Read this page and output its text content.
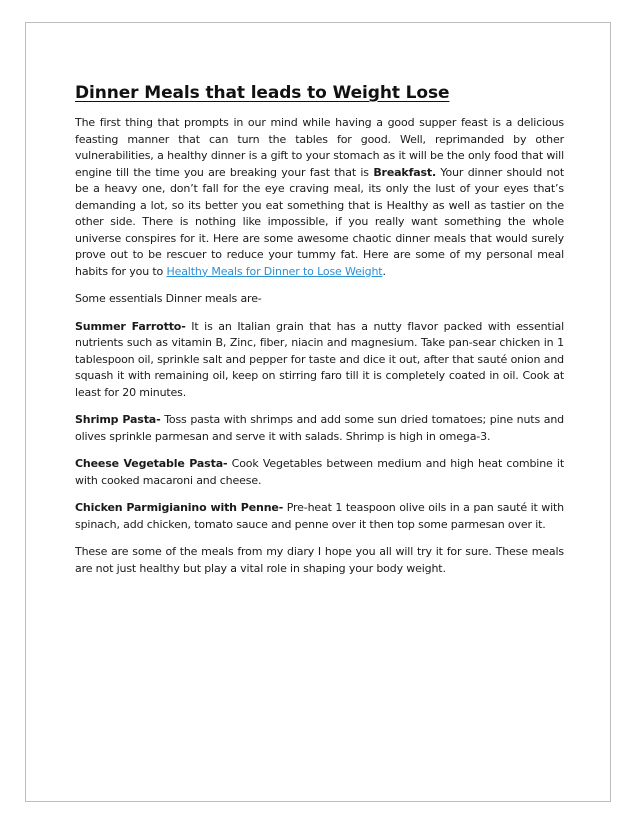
Dinner Meals that leads to Weight Lose

The first thing that prompts in our mind while having a good supper feast is a delicious feasting manner that can turn the tables for good. Well, reprimanded by other vulnerabilities, a healthy dinner is a gift to your stomach as it will be the only food that will engine till the time you are breaking your fast that is Breakfast. Your dinner should not be a heavy one, don’t fall for the eye craving meal, its only the lust of your eyes that’s demanding a lot, so its better you eat something that is Healthy as well as tastier on the other side. There is nothing like impossible, if you really want something the whole universe conspires for it. Here are some awesome chaotic dinner meals that would surely prove out to be rescuer to reduce your tummy fat. Here are some of my personal meal habits for you to Healthy Meals for Dinner to Lose Weight.

Some essentials Dinner meals are-

Summer Farrotto- It is an Italian grain that has a nutty flavor packed with essential nutrients such as vitamin B, Zinc, fiber, niacin and magnesium. Take pan-sear chicken in 1 tablespoon oil, sprinkle salt and pepper for taste and dice it out, after that sauté onion and squash it with remaining oil, keep on stirring faro till it is completely coated in oil. Cook at least for 20 minutes.

Shrimp Pasta- Toss pasta with shrimps and add some sun dried tomatoes; pine nuts and olives sprinkle parmesan and serve it with salads. Shrimp is high in omega-3.

Cheese Vegetable Pasta- Cook Vegetables between medium and high heat combine it with cooked macaroni and cheese.

Chicken Parmigianino with Penne- Pre-heat 1 teaspoon olive oils in a pan sauté it with spinach, add chicken, tomato sauce and penne over it then top some parmesan over it.

These are some of the meals from my diary I hope you all will try it for sure. These meals are not just healthy but play a vital role in shaping your body weight.
